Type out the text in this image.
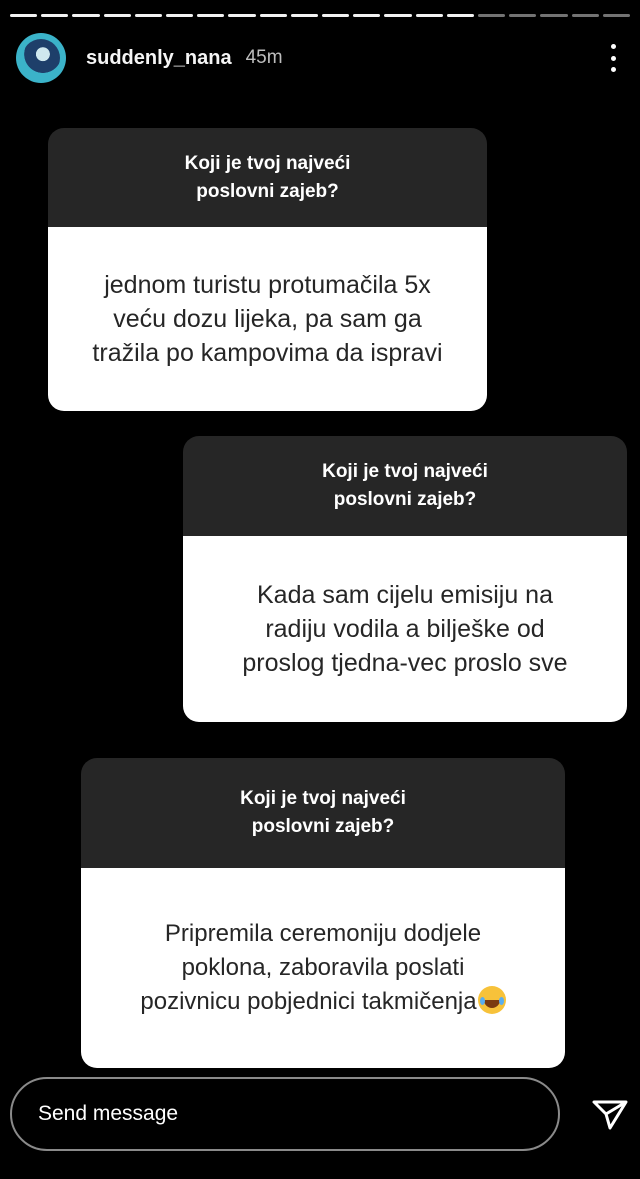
suddenly_nana 45m
Koji je tvoj najveći
poslovni zajeb?
jednom turistu protumačila 5x
veću dozu lijeka, pa sam ga
tražila po kampovima da ispravi
Koji je tvoj najveći
poslovni zajeb?
Kada sam cijelu emisiju na
radiju vodila a bilješke od
proslog tjedna-vec proslo sve
Koji je tvoj najveći
poslovni zajeb?
Pripremila ceremoniju dodjele
poklona, zaboravila poslati
pozivnicu pobjednici takmičenja
Send message
